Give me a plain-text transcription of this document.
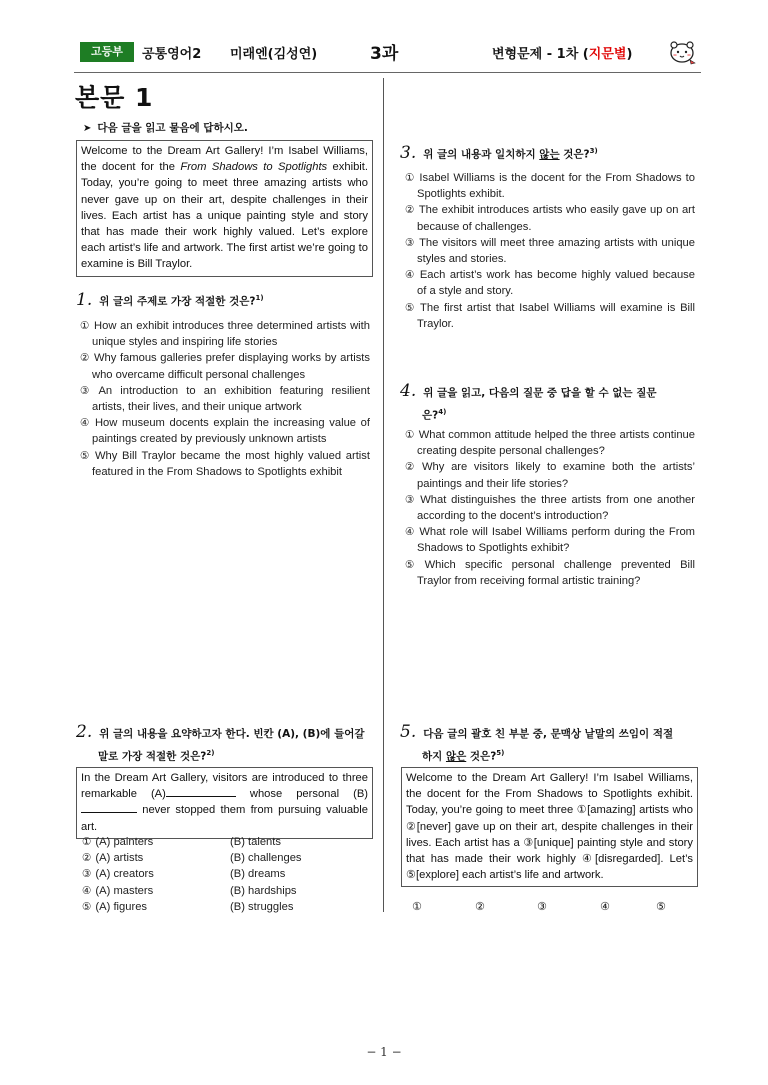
고등부	공통영어2 미래엔(김성연)	3과	변형문제 - 1차 (지문별)
본문 1
➤ 다음 글을 읽고 물음에 답하시오.
Welcome to the Dream Art Gallery! I’m Isabel Williams, the docent for the From Shadows to Spotlights exhibit. Today, you’re going to meet three amazing artists who never gave up on their art, despite challenges in their lives. Each artist has a unique painting style and story that has made their work highly valued. Let’s explore each artist’s life and artwork. The first artist we’re going to examine is Bill Traylor.
1. 위 글의 주제로 가장 적절한 것은?$^{1)}$
① How an exhibit introduces three determined artists with unique styles and inspiring life stories
② Why famous galleries prefer displaying works by artists who overcame difficult personal challenges
③ An introduction to an exhibition featuring resilient artists, their lives, and their unique artwork
④ How museum docents explain the increasing value of paintings created by previously unknown artists
⑤ Why Bill Traylor became the most highly valued artist featured in the From Shadows to Spotlights exhibit
2. 위 글의 내용을 요약하고자 한다. 빈칸 (A), (B)에 들어갈
말로 가장 적절한 것은?$^{2)}$
In the Dream Art Gallery, visitors are introduced to three remarkable (A)	whose personal (B) never stopped them from pursuing valuable art.
① (A) painters	(B) talents
② (A) artists	(B) challenges
③ (A) creators	(B) dreams
④ (A) masters	(B) hardships
⑤ (A) figures	(B) struggles
3. 위 글의 내용과 일치하지 않는 것은?$^{3)}$
① Isabel Williams is the docent for the From Shadows to Spotlights exhibit.
② The exhibit introduces artists who easily gave up on art because of challenges.
③ The visitors will meet three amazing artists with unique styles and stories.
④ Each artist’s work has become highly valued because of a style and story.
⑤ The first artist that Isabel Williams will examine is Bill Traylor.
4. 위 글을 읽고, 다음의 질문 중 답을 할 수 없는 질문
은?$^{4)}$
① What common attitude helped the three artists continue creating despite personal challenges?
② Why are visitors likely to examine both the artists’ paintings and their life stories?
③ What distinguishes the three artists from one another according to the docent’s introduction?
④ What role will Isabel Williams perform during the From Shadows to Spotlights exhibit?
⑤ Which specific personal challenge prevented Bill Traylor from receiving formal artistic training?
5. 다음 글의 괄호 친 부분 중, 문맥상 낱말의 쓰임이 적절
하지 않은 것은?$^{5)}$
Welcome to the Dream Art Gallery! I’m Isabel Williams, the docent for the From Shadows to Spotlights exhibit. Today, you’re going to meet three ①[amazing] artists who ②[never] gave up on their art, despite challenges in their lives. Each artist has a ③[unique] painting style and story that has made their work highly ④[disregarded]. Let’s ⑤[explore] each artist’s life and artwork.
①	②	③	④	⑤
− 1 −
